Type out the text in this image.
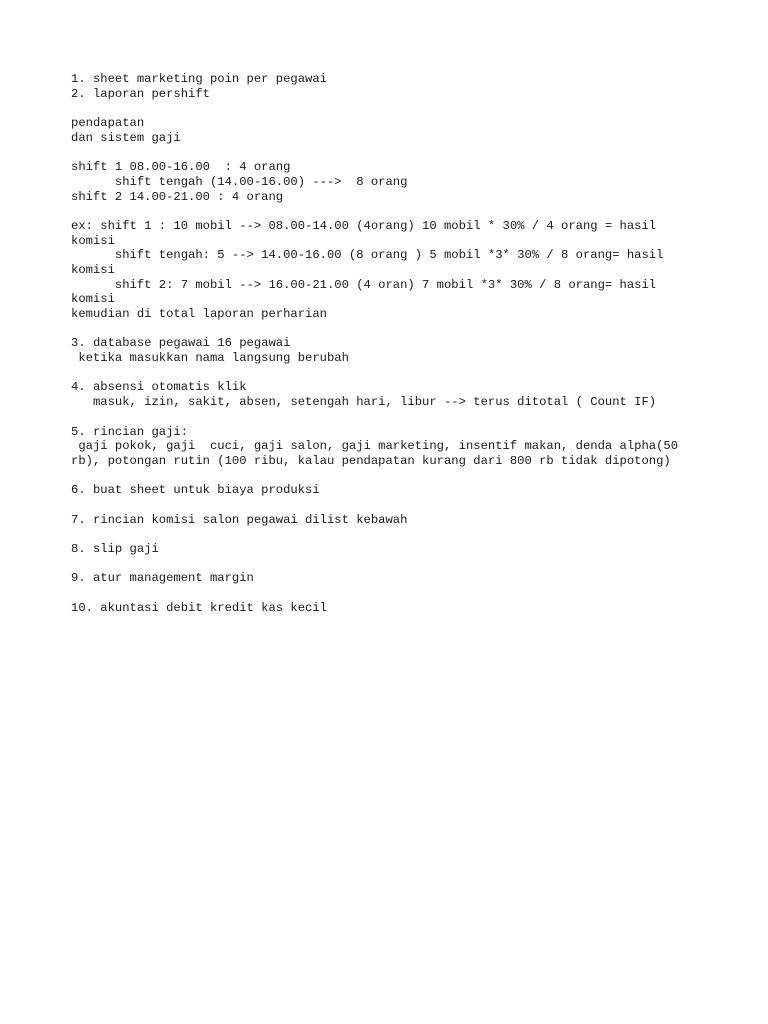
1. sheet marketing poin per pegawai
2. laporan pershift
pendapatan
dan sistem gaji
shift 1 08.00-16.00  : 4 orang
shift tengah (14.00-16.00) --->  8 orang
shift 2 14.00-21.00 : 4 orang
ex: shift 1 : 10 mobil --> 08.00-14.00 (4orang) 10 mobil * 30% / 4 orang = hasil
komisi
shift tengah: 5 --> 14.00-16.00 (8 orang ) 5 mobil *3* 30% / 8 orang= hasil
komisi
shift 2: 7 mobil --> 16.00-21.00 (4 oran) 7 mobil *3* 30% / 8 orang= hasil
komisi
kemudian di total laporan perharian
3. database pegawai 16 pegawai
ketika masukkan nama langsung berubah
4. absensi otomatis klik
masuk, izin, sakit, absen, setengah hari, libur --> terus ditotal ( Count IF)
5. rincian gaji:
gaji pokok, gaji  cuci, gaji salon, gaji marketing, insentif makan, denda alpha(50
rb), potongan rutin (100 ribu, kalau pendapatan kurang dari 800 rb tidak dipotong)
6. buat sheet untuk biaya produksi
7. rincian komisi salon pegawai dilist kebawah
8. slip gaji
9. atur management margin
10. akuntasi debit kredit kas kecil
